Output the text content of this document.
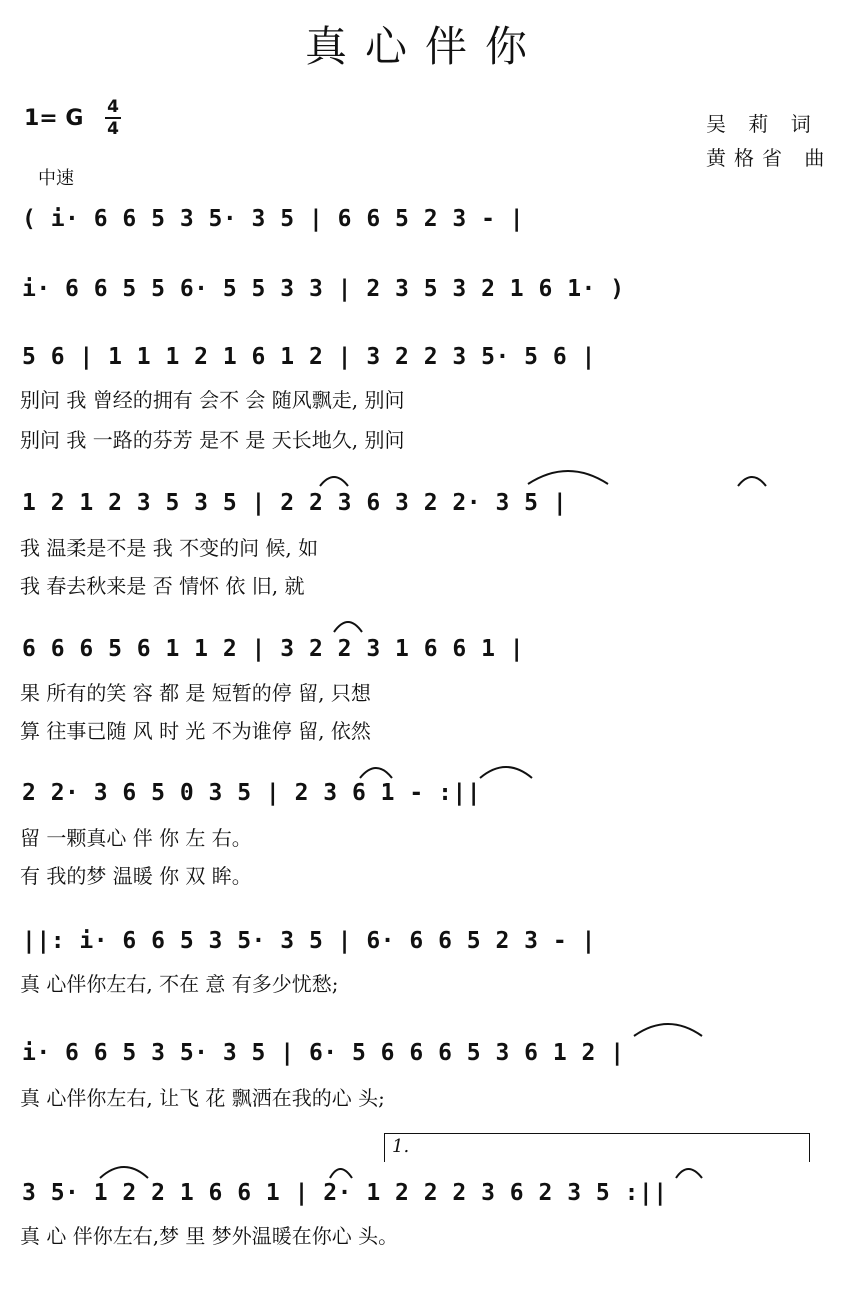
真心伴你
1= G 4
4	吴 莉 词
黄格省 曲
中速
( i· 6 6 5 3 5· 3 5 | 6 6 5 2 3 - |
i· 6 6 5 5 6· 5 5 3 3 | 2 3 5 3 2 1 6 1· )
5 6 | 1 1 1 2 1 6 1 2 | 3 2 2 3 5· 5 6 |
别问 我 曾经的拥有 会不 会 随风飘走, 别问
别问 我 一路的芬芳 是不 是 天长地久, 别问
1 2 1 2 3 5 3 5 | 2 2 3 6 3 2 2· 3 5 |
我 温柔是不是 我 不变的问 候, 如
我 春去秋来是 否 情怀 依 旧, 就
6 6 6 5 6 1 1 2 | 3 2 2 3 1 6 6 1 |
果 所有的笑 容 都 是 短暂的停 留, 只想
算 往事已随 风 时 光 不为谁停 留, 依然
2 2· 3 6 5 0 3 5 | 2 3 6 1 - :||
留 一颗真心 伴 你 左 右。
有 我的梦 温暖 你 双 眸。
||: i· 6 6 5 3 5· 3 5 | 6· 6 6 5 2 3 - |
真 心伴你左右, 不在 意 有多少忧愁;
i· 6 6 5 3 5· 3 5 | 6· 5 6 6 6 5 3 6 1 2 |
真 心伴你左右, 让飞 花 飘洒在我的心 头;
1.
3 5· 1 2 2 1 6 6 1 | 2· 1 2 2 2 3 6 2 3 5 :||
真 心 伴你左右,梦 里 梦外温暖在你心 头。
